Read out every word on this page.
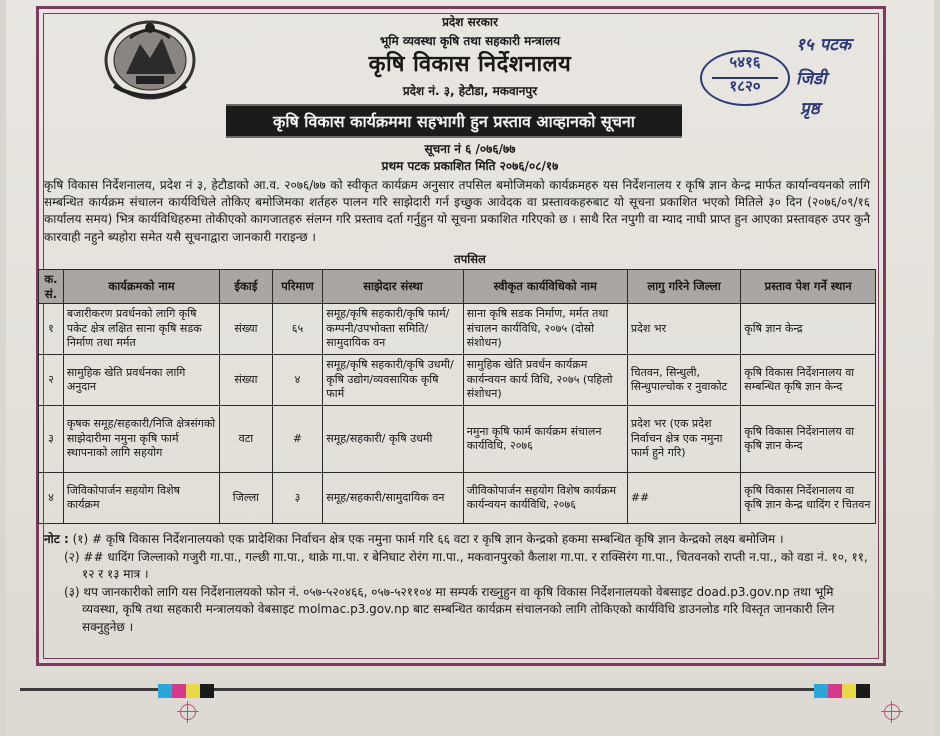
प्रदेश सरकार
भूमि व्यवस्था कृषि तथा सहकारी मन्त्रालय
कृषि विकास निर्देशनालय
प्रदेश नं. ३, हेटौडा, मकवानपुर
कृषि विकास कार्यक्रममा सहभागी हुन प्रस्ताव आव्हानको सूचना
सूचना नं ६ /०७६/७७
प्रथम पटक प्रकाशित मिति २०७६/०८/१७
५४१६
१८२०
१५ पटक
जिडी
प्रृष्ठ
कृषि विकास निर्देशनालय, प्रदेश नं ३, हेटौडाको आ.व. २०७६/७७ को स्वीकृत कार्यक्रम अनुसार तपसिल बमोजिमको कार्यक्रमहरु यस निर्देशनालय र कृषि ज्ञान केन्द्र मार्फत कार्यान्वयनको लागि सम्बन्धित कार्यक्रम संचालन कार्यविधिले तोकिए बमोजिमका शर्तहरु पालन गरि साझेदारी गर्न इच्छुक आवेदक वा प्रस्तावकहरुबाट यो सूचना प्रकाशित भएको मितिले ३० दिन (२०७६/०९/१६ कार्यालय समय) भित्र कार्यविधिहरुमा तोकीएको कागजातहरु संलग्न गरि प्रस्ताव दर्ता गर्नुहुन यो सूचना प्रकाशित गरिएको छ । साथै रित नपुगी वा म्याद नाघी प्राप्त हुन आएका प्रस्तावहरु उपर कुनै कारवाही नहुने ब्यहोरा समेत यसै सूचनाद्वारा जानकारी गराइन्छ ।
तपसिल
क. सं.	कार्यक्रमको नाम	ईकाई	परिमाण	साझेदार संस्था	स्वीकृत कार्यविधिको नाम	लागु गरिने जिल्ला	प्रस्ताव पेश गर्ने स्थान
१	बजारीकरण प्रवर्धनको लागि कृषि पकेट क्षेत्र लक्षित साना कृषि सडक निर्माण तथा मर्मत	संख्या	६५	समूह/कृषि सहकारी/कृषि फार्म/कम्पनी/उपभोक्ता समिति/सामुदायिक वन	साना कृषि सडक निर्माण, मर्मत तथा संचालन कार्यविधि, २०७५ (दोस्रो संशोधन)	प्रदेश भर	कृषि ज्ञान केन्द्र
२	सामुहिक खेति प्रवर्धनका लागि अनुदान	संख्या	४	समूह/कृषि सहकारी/कृषि उधमी/कृषि उद्योग/व्यवसायिक कृषि फार्म	सामुहिक खेति प्रवर्धन कार्यक्रम कार्यन्वयन कार्य विधि, २०७५ (पहिलो संशोधन)	चितवन, सिन्धुली, सिन्धुपाल्चोक र नुवाकोट	कृषि विकास निर्देशनालय वा सम्बन्धित कृषि ज्ञान केन्द
३	कृषक समूह/सहकारी/निजि क्षेत्रसंगको साझेदारीमा नमुना कृषि फार्म स्थापनाको लागि सहयोग	वटा	#	समूह/सहकारी/ कृषि उधमी	नमुना कृषि फार्म कार्यक्रम संचालन कार्यविधि, २०७६	प्रदेश भर (एक प्रदेश निर्वाचन क्षेत्र एक नमुना फार्म हुने गरि)	कृषि विकास निर्देशनालय वा कृषि ज्ञान केन्द
४	जिविकोपार्जन सहयोग विशेष कार्यक्रम	जिल्ला	३	समूह/सहकारी/सामुदायिक वन	जीविकोपार्जन सहयोग विशेष कार्यक्रम कार्यन्वयन कार्यविधि, २०७६	##	कृषि विकास निर्देशनालय वा कृषि ज्ञान केन्द्र धादिंग र चितवन
नोट : (१) # कृषि विकास निर्देशनालयको एक प्रादेशिका निर्वाचन क्षेत्र एक नमुना फार्म गरि ६६ वटा र कृषि ज्ञान केन्द्रको हकमा सम्बन्धित कृषि ज्ञान केन्द्रको लक्ष्य बमोजिम ।
(२) ## धादिंग जिल्लाको गजुरी गा.पा., गल्छी गा.पा., थाक्रे गा.पा. र बेनिघाट रोरंग गा.पा., मकवानपुरको कैलाश गा.पा. र राक्सिरंग गा.पा., चितवनको राप्ती न.पा., को वडा नं. १०, ११, १२ र १३ मात्र ।
(३) थप जानकारीको लागि यस निर्देशनालयको फोन नं. ०५७-५२०४६६, ०५७-५२११०४ मा सम्पर्क राख्नुहुन वा कृषि विकास निर्देशनालयको वेबसाइट doad.p3.gov.np तथा भूमि व्यवस्था, कृषि तथा सहकारी मन्त्रालयको वेबसाइट molmac.p3.gov.np बाट सम्बन्धित कार्यक्रम संचालनको लागि तोकिएको कार्यविधि डाउनलोड गरि विस्तृत जानकारी लिन सक्नुहुनेछ ।
